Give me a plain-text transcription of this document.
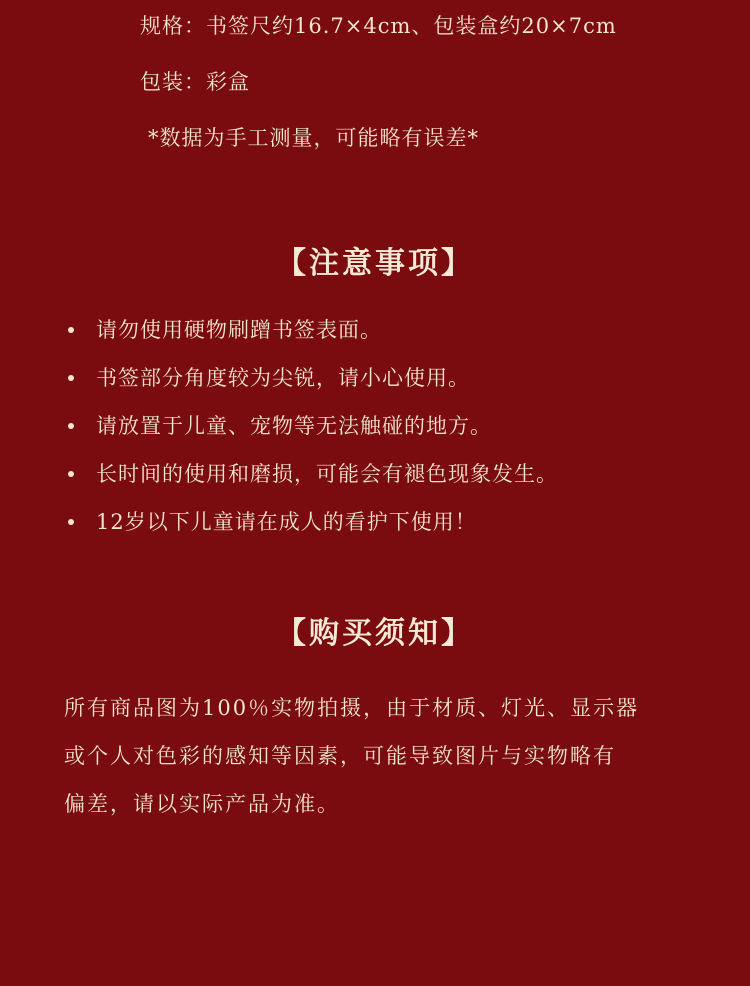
规格：书签尺约16.7×4cm、包装盒约20×7cm
包装：彩盒
*数据为手工测量，可能略有误差*
【注意事项】
请勿使用硬物刷蹭书签表面。
书签部分角度较为尖锐，请小心使用。
请放置于儿童、宠物等无法触碰的地方。
长时间的使用和磨损，可能会有褪色现象发生。
12岁以下儿童请在成人的看护下使用！
【购买须知】

所有商品图为100％实物拍摄，由于材质、灯光、显示器
或个人对色彩的感知等因素，可能导致图片与实物略有
偏差，请以实际产品为准。
